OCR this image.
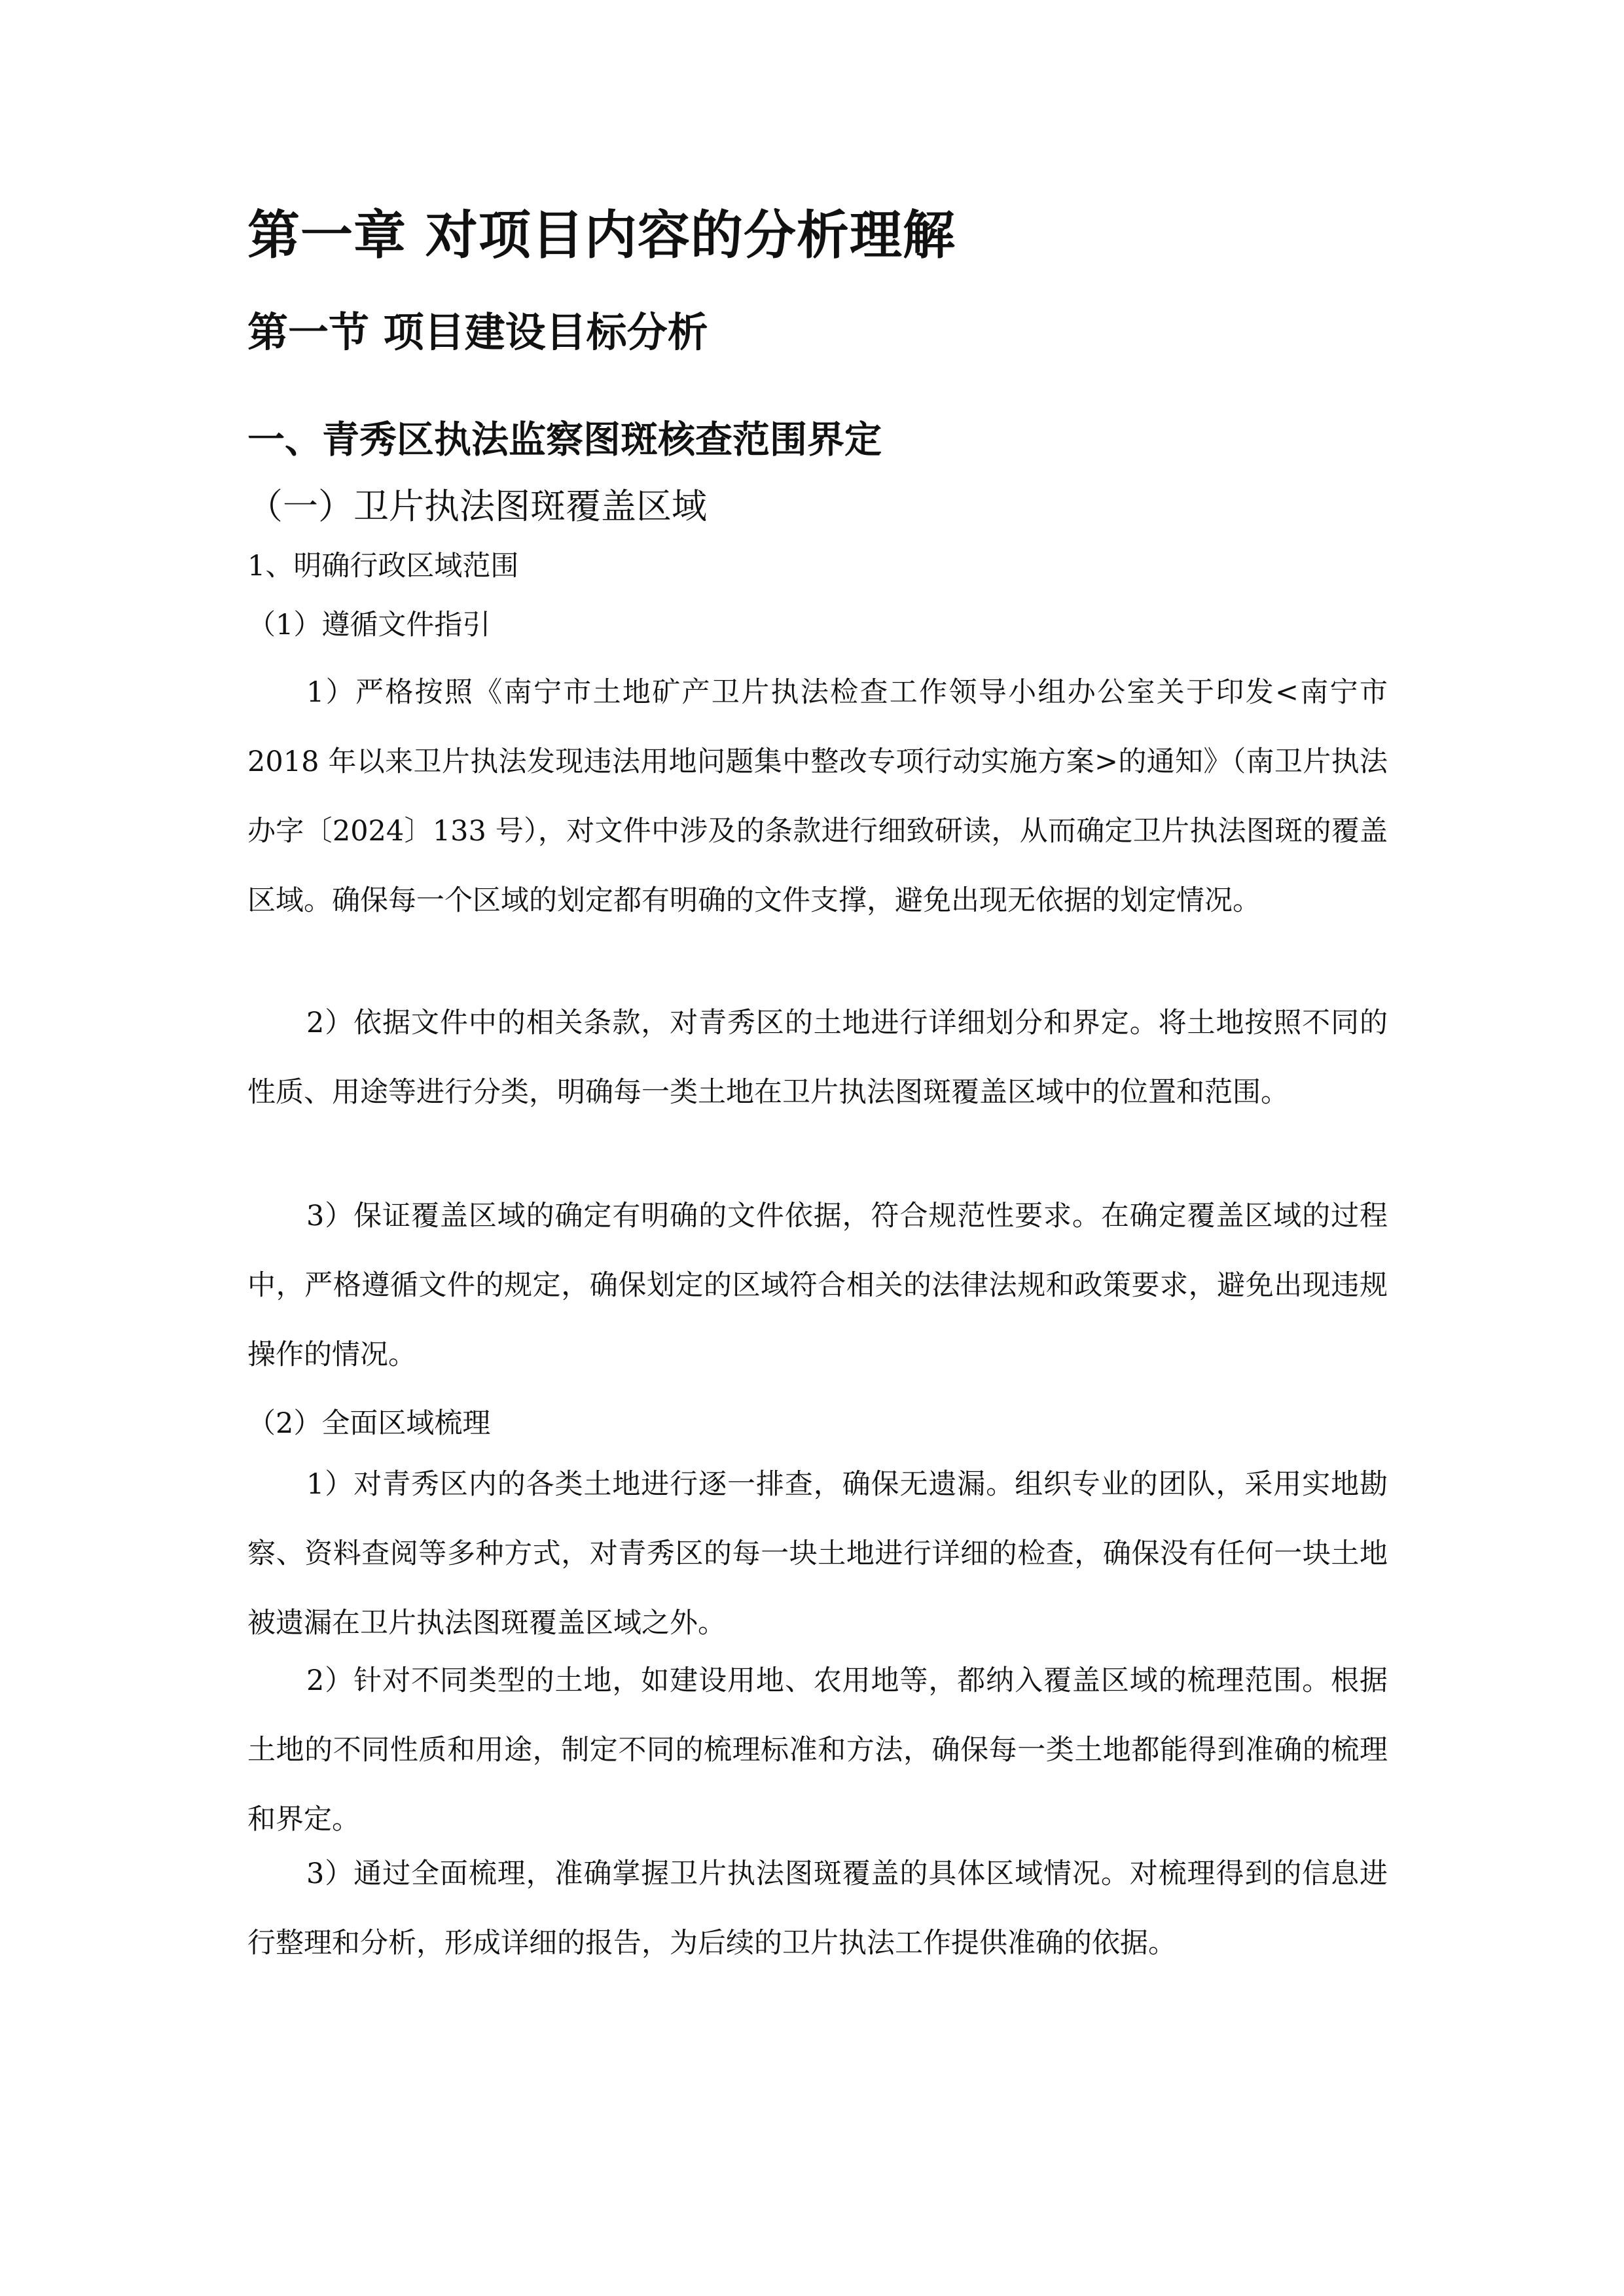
第一章 对项目内容的分析理解
第一节 项目建设目标分析
一、青秀区执法监察图斑核查范围界定
（一）卫片执法图斑覆盖区域
1、明确行政区域范围
（1）遵循文件指引

1）严格按照《南宁市土地矿产卫片执法检查工作领导小组办公室关于印发<南宁市 2018 年以来卫片执法发现违法用地问题集中整改专项行动实施方案>的通知》（南卫片执法办字〔2024〕133 号），对文件中涉及的条款进行细致研读，从而确定卫片执法图斑的覆盖区域。确保每一个区域的划定都有明确的文件支撑，避免出现无依据的划定情况。

2）依据文件中的相关条款，对青秀区的土地进行详细划分和界定。将土地按照不同的性质、用途等进行分类，明确每一类土地在卫片执法图斑覆盖区域中的位置和范围。

3）保证覆盖区域的确定有明确的文件依据，符合规范性要求。在确定覆盖区域的过程中，严格遵循文件的规定，确保划定的区域符合相关的法律法规和政策要求，避免出现违规操作的情况。

（2）全面区域梳理

1）对青秀区内的各类土地进行逐一排查，确保无遗漏。组织专业的团队，采用实地勘察、资料查阅等多种方式，对青秀区的每一块土地进行详细的检查，确保没有任何一块土地被遗漏在卫片执法图斑覆盖区域之外。

2）针对不同类型的土地，如建设用地、农用地等，都纳入覆盖区域的梳理范围。根据土地的不同性质和用途，制定不同的梳理标准和方法，确保每一类土地都能得到准确的梳理和界定。

3）通过全面梳理，准确掌握卫片执法图斑覆盖的具体区域情况。对梳理得到的信息进行整理和分析，形成详细的报告，为后续的卫片执法工作提供准确的依据。
